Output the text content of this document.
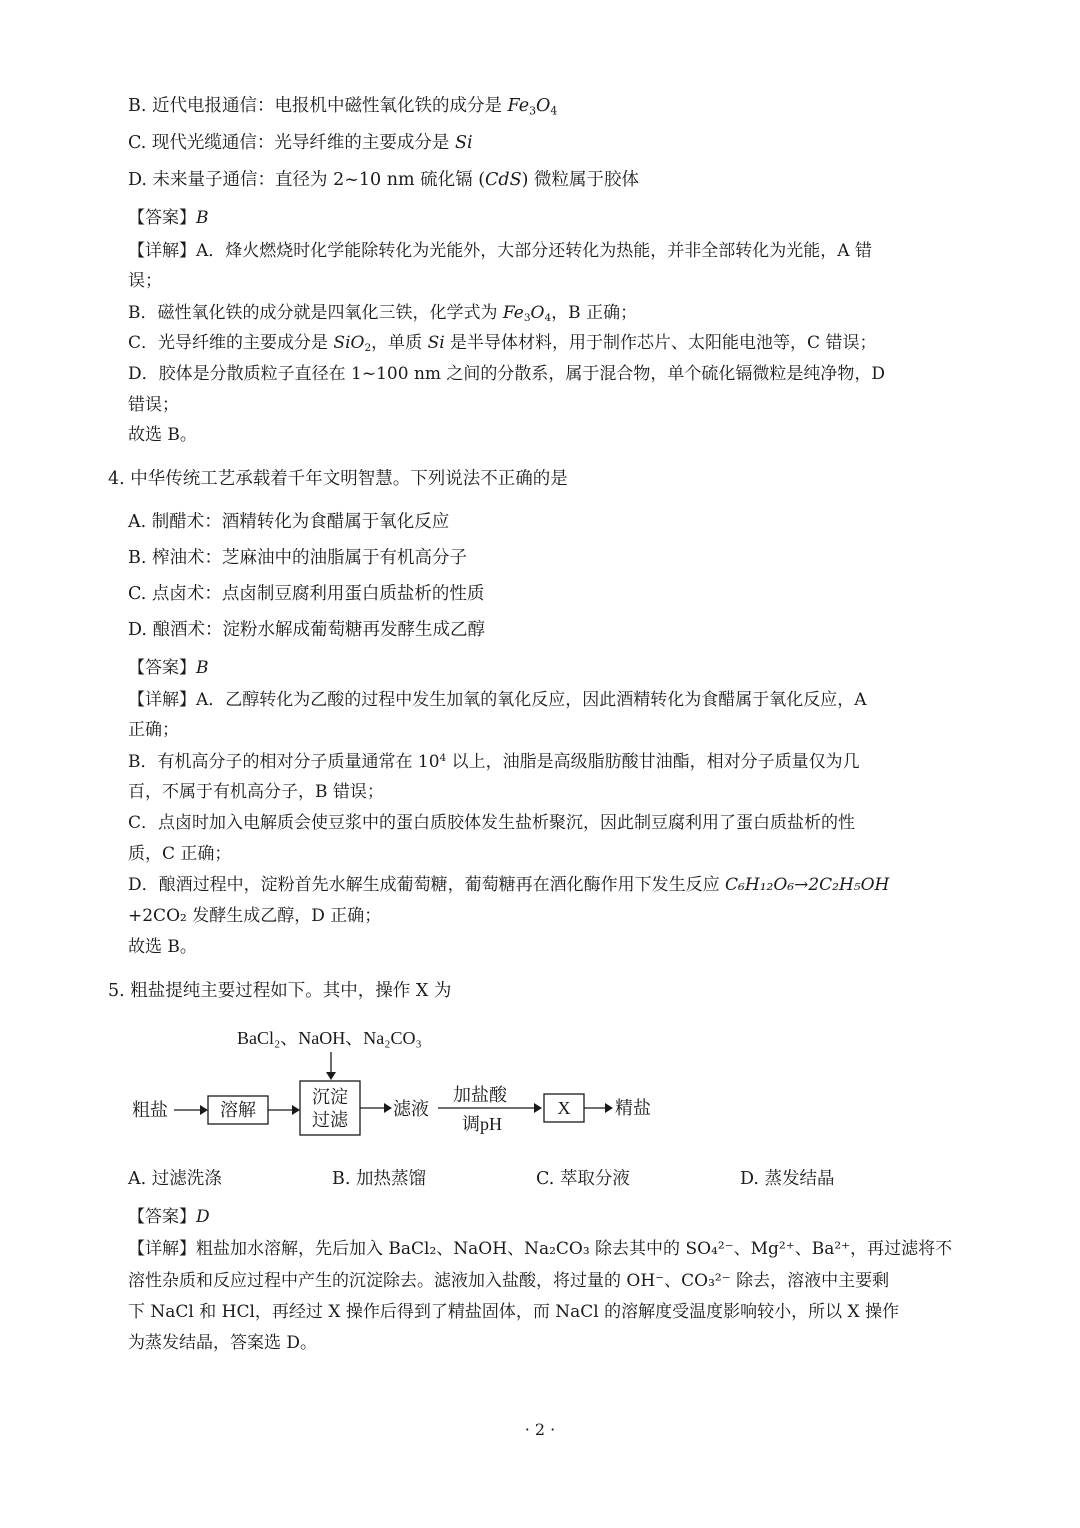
B. 近代电报通信：电报机中磁性氧化铁的成分是 $Fe_3O_4$
C. 现代光缆通信：光导纤维的主要成分是 Si
D. 未来量子通信：直径为 2~10 nm 硫化镉 (CdS) 微粒属于胶体
【答案】B
【详解】A．烽火燃烧时化学能除转化为光能外，大部分还转化为热能，并非全部转化为光能，A 错
误；
B．磁性氧化铁的成分就是四氧化三铁，化学式为 $Fe_3O_4$，B 正确；
C．光导纤维的主要成分是 SiO$_2$，单质 Si 是半导体材料，用于制作芯片、太阳能电池等，C 错误；
D．胶体是分散质粒子直径在 1~100 nm 之间的分散系，属于混合物，单个硫化镉微粒是纯净物，D
错误；
故选 B。
4. 中华传统工艺承载着千年文明智慧。下列说法不正确的是
A. 制醋术：酒精转化为食醋属于氧化反应
B. 榨油术：芝麻油中的油脂属于有机高分子
C. 点卤术：点卤制豆腐利用蛋白质盐析的性质
D. 酿酒术：淀粉水解成葡萄糖再发酵生成乙醇
【答案】B
【详解】A．乙醇转化为乙酸的过程中发生加氧的氧化反应，因此酒精转化为食醋属于氧化反应，A
正确；
B．有机高分子的相对分子质量通常在 $10^4$ 以上，油脂是高级脂肪酸甘油酯，相对分子质量仅为几
百，不属于有机高分子，B 错误；
C．点卤时加入电解质会使豆浆中的蛋白质胶体发生盐析聚沉，因此制豆腐利用了蛋白质盐析的性
质，C 正确；
D．酿酒过程中，淀粉首先水解生成葡萄糖，葡萄糖再在酒化酶作用下发生反应 C₆H₁₂O₆→2C₂H₅OH
+2CO₂ 发酵生成乙醇，D 正确；
故选 B。
5. 粗盐提纯主要过程如下。其中，操作 X 为
BaCl₂、NaOH、Na₂CO₃
粗盐	溶解
沉淀
过滤
滤液
加盐酸
调pH
X 精盐
A. 过滤洗涤	B. 加热蒸馏	C. 萃取分液	D. 蒸发结晶
【答案】D
【详解】粗盐加水溶解，先后加入 BaCl₂、NaOH、Na₂CO₃ 除去其中的 SO₄²⁻、Mg²⁺、Ba²⁺，再过滤将不
溶性杂质和反应过程中产生的沉淀除去。滤液加入盐酸，将过量的 OH⁻、CO₃²⁻ 除去，溶液中主要剩
下 NaCl 和 HCl，再经过 X 操作后得到了精盐固体，而 NaCl 的溶解度受温度影响较小，所以 X 操作
为蒸发结晶，答案选 D。
· 2 ·
